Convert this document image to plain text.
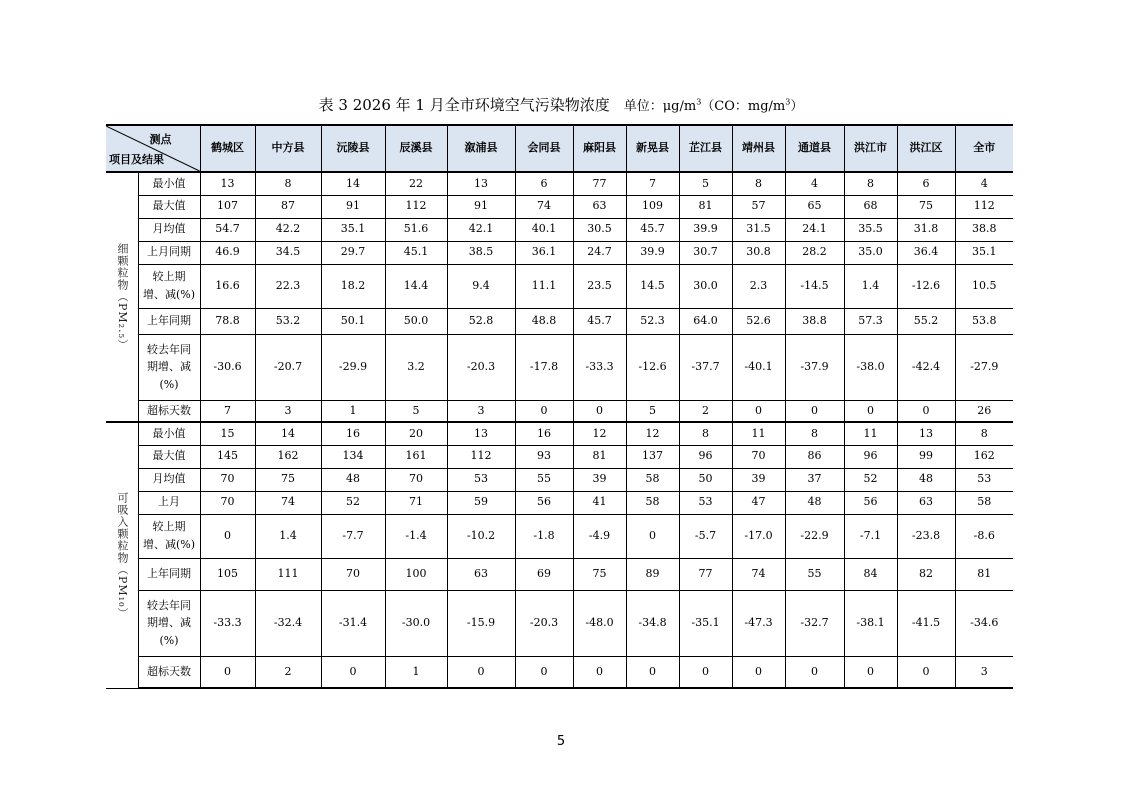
表 3 2026 年 1 月全市环境空气污染物浓度 单位：$\mu g/m^3(CO$：$mg/m^3$）
测点
项目及结果		鹤城区	中方县	沅陵县	辰溪县	溆浦县	会同县	麻阳县	新晃县	芷江县	靖州县	通道县	洪江市	洪江区	全市
细颗粒物（PM₂.₅）	最小值	13	8	14	22	13	6	77	7	5	8	4	8	6	4
	最大值	107	87	91	112	91	74	63	109	81	57	65	68	75	112
	月均值	54.7	42.2	35.1	51.6	42.1	40.1	30.5	45.7	39.9	31.5	24.1	35.5	31.8	38.8
	上月同期	46.9	34.5	29.7	45.1	38.5	36.1	24.7	39.9	30.7	30.8	28.2	35.0	36.4	35.1

	较上期
增、减(%)	16.6	22.3	18.2	14.4	9.4	11.1	23.5	14.5	30.0	2.3	-14.5	1.4	-12.6	10.5
	上年同期	78.8	53.2	50.1	50.0	52.8	48.8	45.7	52.3	64.0	52.6	38.8	57.3	55.2	53.8

	较去年同
期增、减
(%)	-30.6	-20.7	-29.9	3.2	-20.3	-17.8	-33.3	-12.6	-37.7	-40.1	-37.9	-38.0	-42.4	-27.9
	超标天数	7	3	1	5	3	0	0	5	2	0	0	0	0	26
可吸入颗粒物（PM₁₀）	最小值	15	14	16	20	13	16	12	12	8	11	8	11	13	8
	最大值	145	162	134	161	112	93	81	137	96	70	86	96	99	162
	月均值	70	75	48	70	53	55	39	58	50	39	37	52	48	53
	上月	70	74	52	71	59	56	41	58	53	47	48	56	63	58

	较上期
增、减(%)	0	1.4	-7.7	-1.4	-10.2	-1.8	-4.9	0	-5.7	-17.0	-22.9	-7.1	-23.8	-8.6
	上年同期	105	111	70	100	63	69	75	89	77	74	55	84	82	81

	较去年同
期增、减
(%)	-33.3	-32.4	-31.4	-30.0	-15.9	-20.3	-48.0	-34.8	-35.1	-47.3	-32.7	-38.1	-41.5	-34.6
	超标天数	0	2	0	1	0	0	0	0	0	0	0	0	0	3
5
